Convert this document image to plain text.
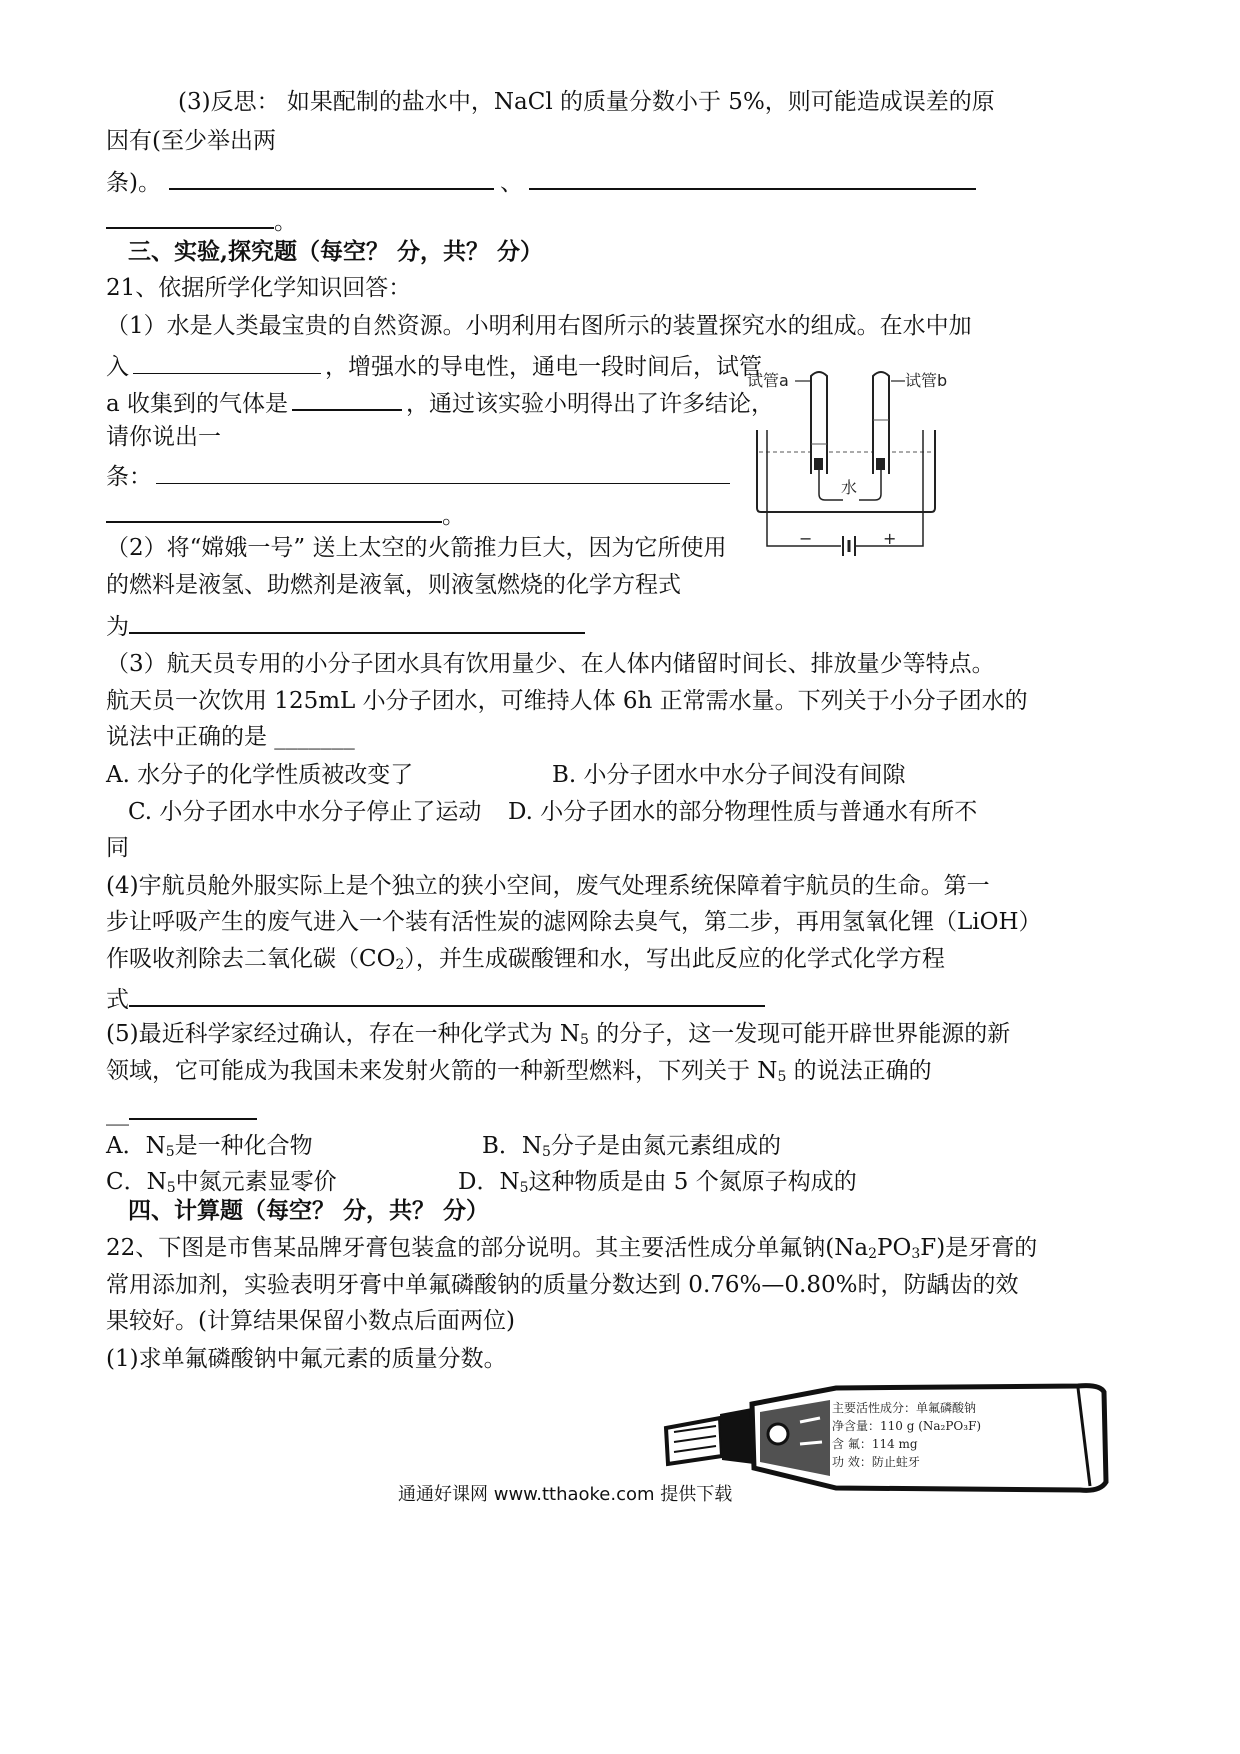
(3)反思： 如果配制的盐水中，NaCl 的质量分数小于 5%，则可能造成误差的原
因有(至少举出两
条)。	、
。
三、实验,探究题（每空？ 分，共？ 分）
21、依据所学化学知识回答：
（1）水是人类最宝贵的自然资源。小明利用右图所示的装置探究水的组成。在水中加
入	，增强水的导电性，通电一段时间后，试管
a 收集到的气体是	，通过该实验小明得出了许多结论，
请你说出一
条：
。
试管a	试管b
水
−	+
（2）将“嫦娥一号” 送上太空的火箭推力巨大，因为它所使用
的燃料是液氢、助燃剂是液氧，则液氢燃烧的化学方程式
为
（3）航天员专用的小分子团水具有饮用量少、在人体内储留时间长、排放量少等特点。
航天员一次饮用 125mL 小分子团水，可维持人体 6h 正常需水量。下列关于小分子团水的
说法中正确的是 _______
A. 水分子的化学性质被改变了	B. 小分子团水中水分子间没有间隙
C. 小分子团水中水分子停止了运动 D. 小分子团水的部分物理性质与普通水有所不
同
(4)宇航员舱外服实际上是个独立的狭小空间，废气处理系统保障着宇航员的生命。第一
步让呼吸产生的废气进入一个装有活性炭的滤网除去臭气，第二步，再用氢氧化锂（LiOH）
作吸收剂除去二氧化碳$(CO_2)$，并生成碳酸锂和水，写出此反应的化学式化学方程
式
(5)最近科学家经过确认，存在一种化学式为 $N_5$ 的分子，这一发现可能开辟世界能源的新
领域，它可能成为我国未来发射火箭的一种新型燃料，下列关于 $N_5$ 的说法正确的
__
A．$N_5$是一种化合物	B．$N_5$分子是由氮元素组成的
C．$N_5$中氮元素显零价	D．$N_5$这种物质是由 5 个氮原子构成的
四、计算题（每空？ 分，共？ 分）
22、下图是市售某品牌牙膏包装盒的部分说明。其主要活性成分单氟钠$(Na_2PO_3F)$是牙膏的
常用添加剂，实验表明牙膏中单氟磷酸钠的质量分数达到 0.76%—0.80%时，防龋齿的效
果较好。(计算结果保留小数点后面两位)
(1)求单氟磷酸钠中氟元素的质量分数。
主要活性成分：单氟磷酸钠
净含量：110 g (Na₂PO₃F)
含 氟：114 mg
功 效：防止蛀牙
通通好课网 www.tthaoke.com 提供下载
